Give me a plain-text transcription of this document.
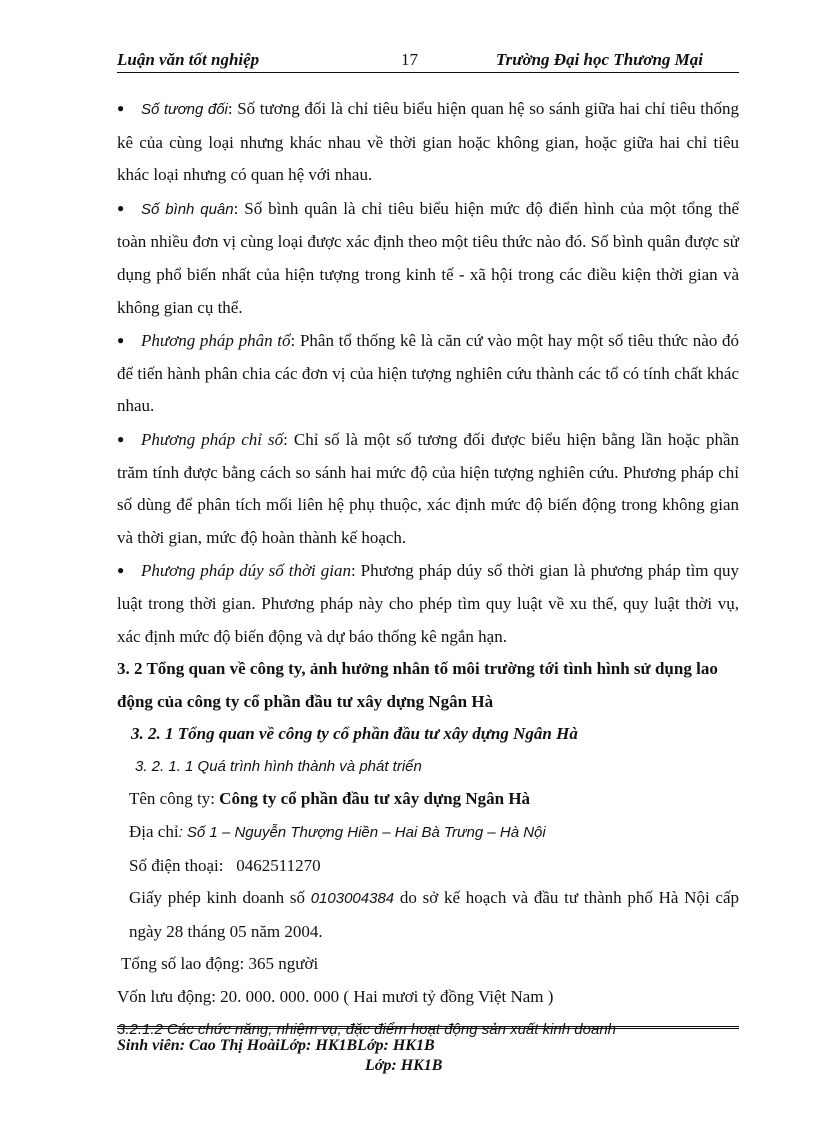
Luận văn tốt nghiệp	17	Trường Đại học Thương Mại

● Số tương đối: Số tương đối là chỉ tiêu biểu hiện quan hệ so sánh giữa hai chỉ tiêu thống kê của cùng loại nhưng khác nhau về thời gian hoặc không gian, hoặc giữa hai chỉ tiêu khác loại nhưng có quan hệ với nhau.

● Số bình quân: Số bình quân là chỉ tiêu biểu hiện mức độ điển hình của một tổng thể toàn nhiều đơn vị cùng loại được xác định theo một tiêu thức nào đó. Số bình quân được sử dụng phổ biến nhất của hiện tượng trong kinh tế - xã hội trong các điều kiện thời gian và không gian cụ thể.

● Phương pháp phân tổ: Phân tổ thống kê là căn cứ vào một hay một số tiêu thức nào đó để tiến hành phân chia các đơn vị của hiện tượng nghiên cứu thành các tổ có tính chất khác nhau.

● Phương pháp chỉ số: Chỉ số là một số tương đối được biểu hiện bằng lần hoặc phần trăm tính được bằng cách so sánh hai mức độ của hiện tượng nghiên cứu. Phương pháp chỉ số dùng để phân tích mối liên hệ phụ thuộc, xác định mức độ biến động trong không gian và thời gian, mức độ hoàn thành kế hoạch.

● Phương pháp dúy số thời gian: Phương pháp dúy số thời gian là phương pháp tìm quy luật trong thời gian. Phương pháp này cho phép tìm quy luật về xu thế, quy luật thời vụ, xác định mức độ biến động và dự báo thống kê ngắn hạn.

3. 2 Tổng quan về công ty, ảnh hưởng nhân tố môi trường tới tình hình sử dụng lao động của công ty cổ phần đầu tư xây dựng Ngân Hà

3. 2. 1 Tổng quan về công ty cổ phần đầu tư xây dựng Ngân Hà

3. 2. 1. 1 Quá trình hình thành và phát triển

Tên công ty: Công ty cổ phần đầu tư xây dựng Ngân Hà

Địa chỉ: Số 1 – Nguyễn Thượng Hiền – Hai Bà Trưng – Hà Nội

Số điện thoại: 0462511270

Giấy phép kinh doanh số 0103004384 do sở kế hoạch và đầu tư thành phố Hà Nội cấp ngày 28 tháng 05 năm 2004.

Tổng số lao động: 365 người

Vốn lưu động: 20. 000. 000. 000 ( Hai mươi tỷ đồng Việt Nam )

3.2.1.2 Các chức năng, nhiệm vụ, đặc điểm hoạt động sản xuất kinh doanh

Sinh viên: Cao Thị HoàiLớp: HK1BLớp: HK1B
Lớp: HK1B
